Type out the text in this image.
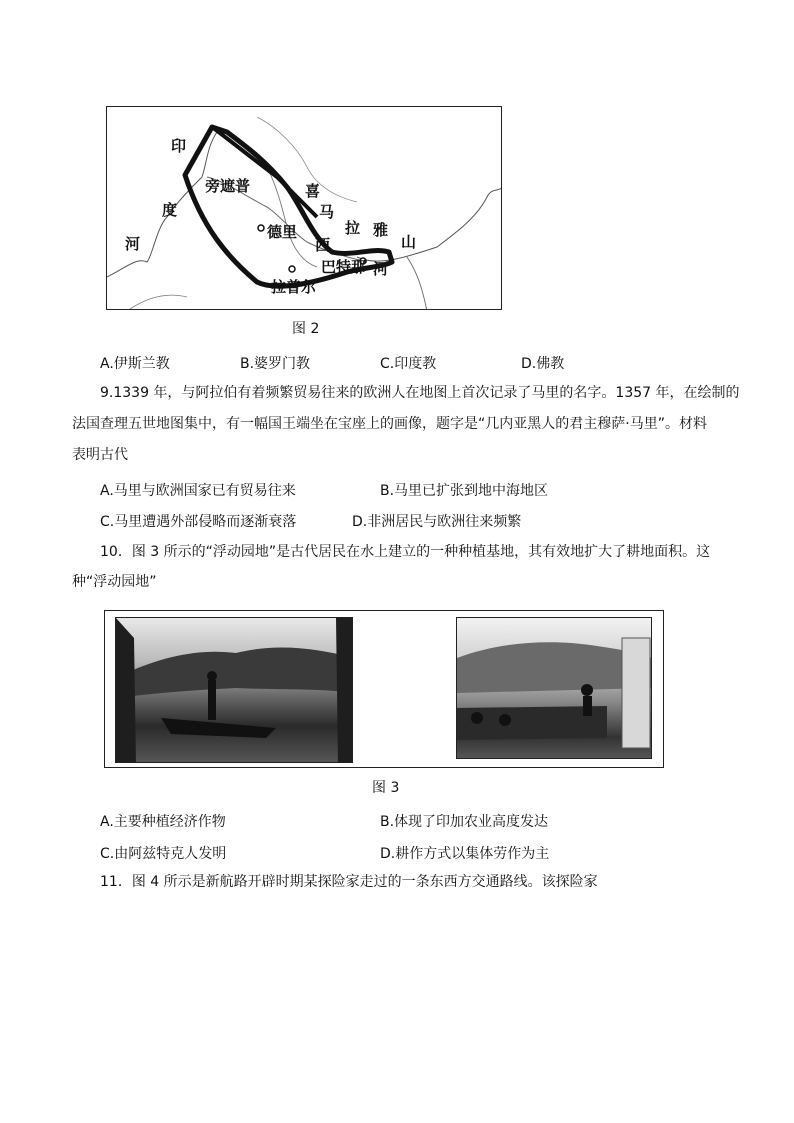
印
度
河
旁遮普	喜
马
拉 雅
山
德里
西
巴特那 河
拉普尔
图 2
A.伊斯兰教	B.婆罗门教	C.印度教	D.佛教
9.1339 年，与阿拉伯有着频繁贸易往来的欧洲人在地图上首次记录了马里的名字。1357 年，在绘制的
法国查理五世地图集中，有一幅国王端坐在宝座上的画像，题字是“几内亚黑人的君主穆萨·马里”。材料
表明古代
A.马里与欧洲国家已有贸易往来	B.马里已扩张到地中海地区
C.马里遭遇外部侵略而逐渐衰落	D.非洲居民与欧洲往来频繁
10．图 3 所示的“浮动园地”是古代居民在水上建立的一种种植基地，其有效地扩大了耕地面积。这
种“浮动园地”
图 3
A.主要种植经济作物	B.体现了印加农业高度发达
C.由阿兹特克人发明	D.耕作方式以集体劳作为主
11．图 4 所示是新航路开辟时期某探险家走过的一条东西方交通路线。该探险家
